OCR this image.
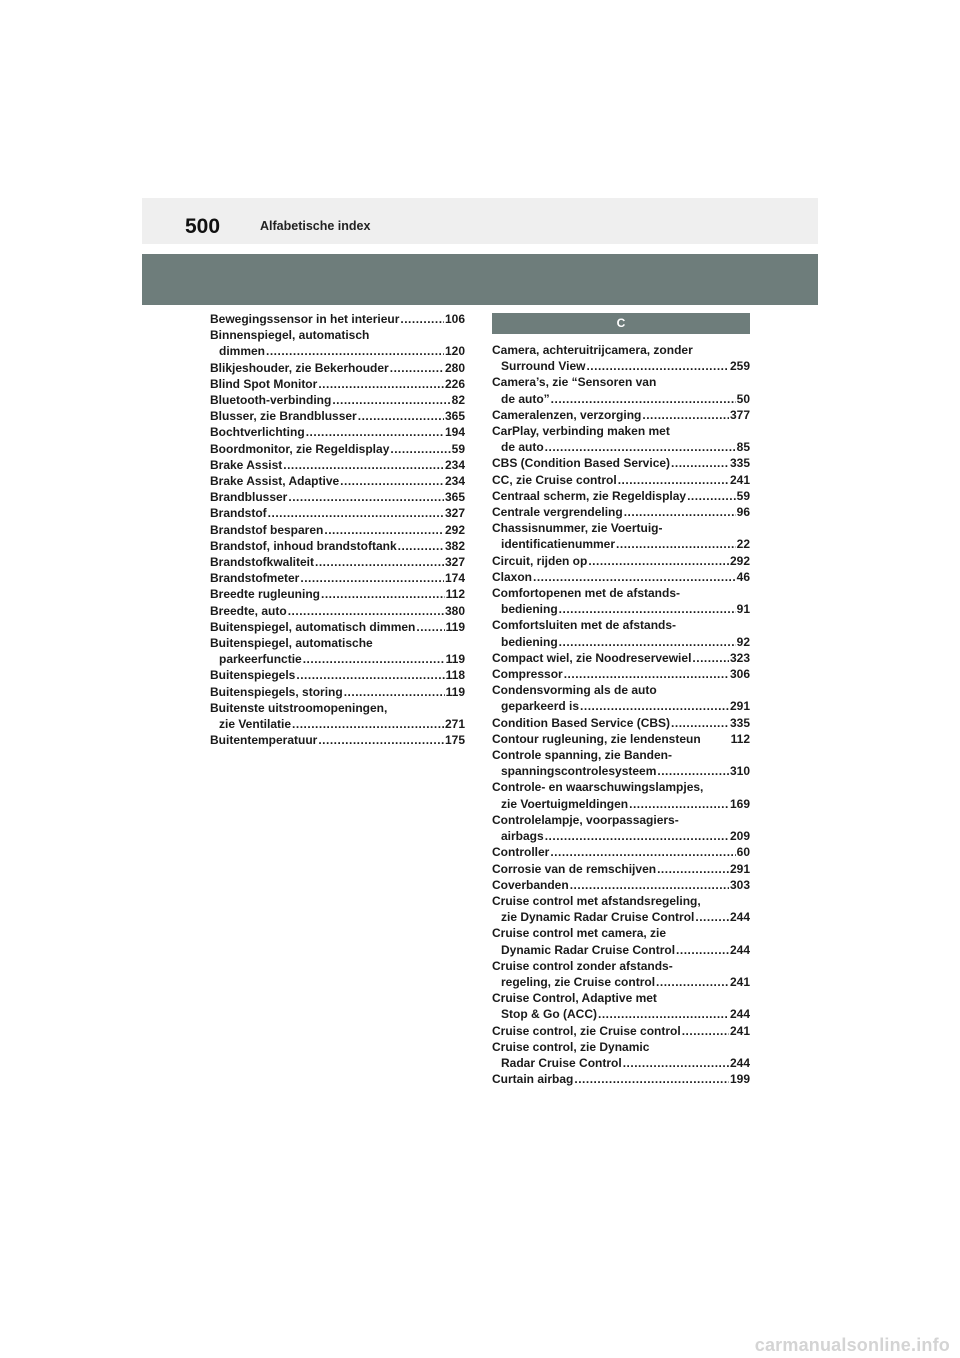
500	Alfabetische index
Bewegingssensor in het interieur .....	106
Binnenspiegel, automatisch
dimmen .....	120
Blikjeshouder, zie Bekerhouder .....	280
Blind Spot Monitor .....	226
Bluetooth-verbinding .....	82
Blusser, zie Brandblusser .....	365
Bochtverlichting .....	194
Boordmonitor, zie Regeldisplay .....	59
Brake Assist .....	234
Brake Assist, Adaptive .....	234
Brandblusser .....	365
Brandstof .....	327
Brandstof besparen .....	292
Brandstof, inhoud brandstoftank .....	382
Brandstofkwaliteit .....	327
Brandstofmeter .....	174
Breedte rugleuning .....	112
Breedte, auto .....	380
Buitenspiegel, automatisch dimmen .....	119
Buitenspiegel, automatische
parkeerfunctie .....	119
Buitenspiegels .....	118
Buitenspiegels, storing .....	119
Buitenste uitstroomopeningen,
zie Ventilatie .....	271
Buitentemperatuur .....	175
C
Camera, achteruitrijcamera, zonder
Surround View .....	259
Camera’s, zie “Sensoren van
de auto” .....	50
Cameralenzen, verzorging .....	377
CarPlay, verbinding maken met
de auto .....	85
CBS (Condition Based Service) .....	335
CC, zie Cruise control .....	241
Centraal scherm, zie Regeldisplay .....	59
Centrale vergrendeling .....	96
Chassisnummer, zie Voertuig-
identificatienummer .....	22
Circuit, rijden op .....	292
Claxon .....	46
Comfortopenen met de afstands-
bediening .....	91
Comfortsluiten met de afstands-
bediening .....	92
Compact wiel, zie Noodreservewiel .....	323
Compressor .....	306
Condensvorming als de auto
geparkeerd is .....	291
Condition Based Service (CBS) .....	335
Contour rugleuning, zie lendensteun 112
Controle spanning, zie Banden-
spanningscontrolesysteem .....	310
Controle- en waarschuwingslampjes,
zie Voertuigmeldingen .....	169
Controlelampje, voorpassagiers-
airbags .....	209
Controller .....	60
Corrosie van de remschijven .....	291
Coverbanden .....	303
Cruise control met afstandsregeling,
zie Dynamic Radar Cruise Control .....	244
Cruise control met camera, zie
Dynamic Radar Cruise Control .....	244
Cruise control zonder afstands-
regeling, zie Cruise control .....	241
Cruise Control, Adaptive met
Stop & Go (ACC) .....	244
Cruise control, zie Cruise control .....	241
Cruise control, zie Dynamic
Radar Cruise Control .....	244
Curtain airbag .....	199
carmanualsonline.info
